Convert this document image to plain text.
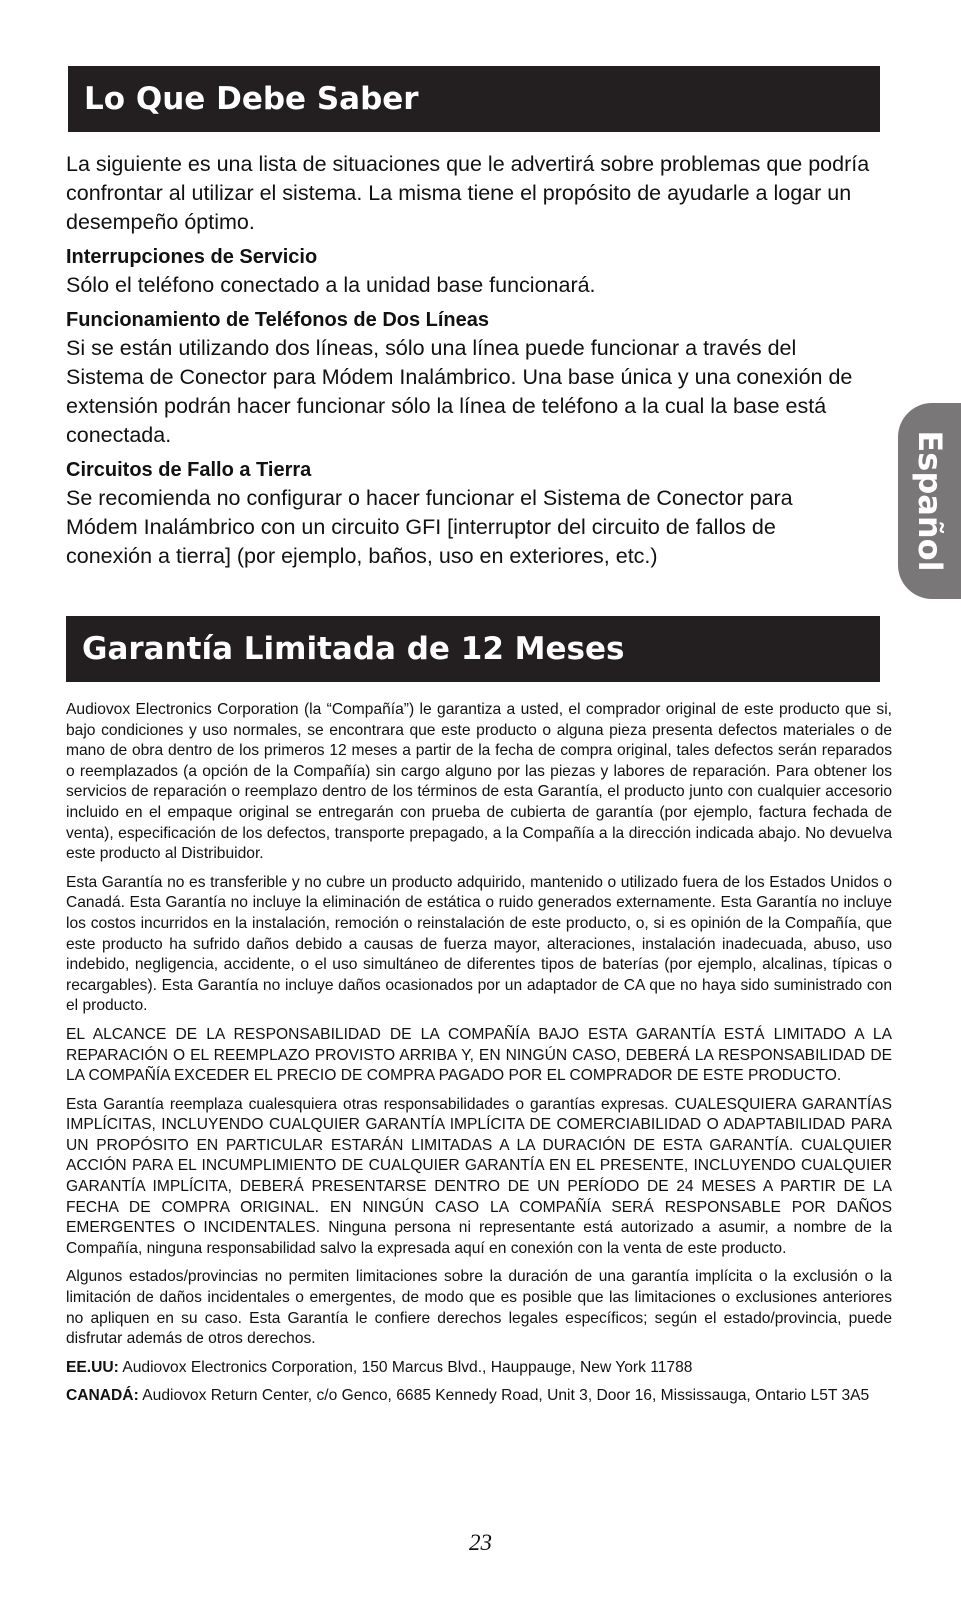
Lo Que Debe Saber

La siguiente es una lista de situaciones que le advertirá sobre problemas que podría confrontar al utilizar el sistema. La misma tiene el propósito de ayudarle a logar un desempeño óptimo.

Interrupciones de Servicio

Sólo el teléfono conectado a la unidad base funcionará.

Funcionamiento de Teléfonos de Dos Líneas

Si se están utilizando dos líneas, sólo una línea puede funcionar a través del Sistema de Conector para Módem Inalámbrico. Una base única y una conexión de extensión podrán hacer funcionar sólo la línea de teléfono a la cual la base está conectada.

Circuitos de Fallo a Tierra

Se recomienda no configurar o hacer funcionar el Sistema de Conector para Módem Inalámbrico con un circuito GFI [interruptor del circuito de fallos de conexión a tierra] (por ejemplo, baños, uso en exteriores, etc.)	Español
Garantía Limitada de 12 Meses

Audiovox Electronics Corporation (la “Compañía”) le garantiza a usted, el comprador original de este producto que si, bajo condiciones y uso normales, se encontrara que este producto o alguna pieza presenta defectos materiales o de mano de obra dentro de los primeros 12 meses a partir de la fecha de compra original, tales defectos serán reparados o reemplazados (a opción de la Compañía) sin cargo alguno por las piezas y labores de reparación. Para obtener los servicios de reparación o reemplazo dentro de los términos de esta Garantía, el producto junto con cualquier accesorio incluido en el empaque original se entregarán con prueba de cubierta de garantía (por ejemplo, factura fechada de venta), especificación de los defectos, transporte prepagado, a la Compañía a la dirección indicada abajo. No devuelva este producto al Distribuidor.

Esta Garantía no es transferible y no cubre un producto adquirido, mantenido o utilizado fuera de los Estados Unidos o Canadá. Esta Garantía no incluye la eliminación de estática o ruido generados externamente. Esta Garantía no incluye los costos incurridos en la instalación, remoción o reinstalación de este producto, o, si es opinión de la Compañía, que este producto ha sufrido daños debido a causas de fuerza mayor, alteraciones, instalación inadecuada, abuso, uso indebido, negligencia, accidente, o el uso simultáneo de diferentes tipos de baterías (por ejemplo, alcalinas, típicas o recargables). Esta Garantía no incluye daños ocasionados por un adaptador de CA que no haya sido suministrado con el producto.

EL ALCANCE DE LA RESPONSABILIDAD DE LA COMPAÑÍA BAJO ESTA GARANTÍA ESTÁ LIMITADO A LA REPARACIÓN O EL REEMPLAZO PROVISTO ARRIBA Y, EN NINGÚN CASO, DEBERÁ LA RESPONSABILIDAD DE LA COMPAÑÍA EXCEDER EL PRECIO DE COMPRA PAGADO POR EL COMPRADOR DE ESTE PRODUCTO.

Esta Garantía reemplaza cualesquiera otras responsabilidades o garantías expresas. CUALESQUIERA GARANTÍAS IMPLÍCITAS, INCLUYENDO CUALQUIER GARANTÍA IMPLÍCITA DE COMERCIABILIDAD O ADAPTABILIDAD PARA UN PROPÓSITO EN PARTICULAR ESTARÁN LIMITADAS A LA DURACIÓN DE ESTA GARANTÍA. CUALQUIER ACCIÓN PARA EL INCUMPLIMIENTO DE CUALQUIER GARANTÍA EN EL PRESENTE, INCLUYENDO CUALQUIER GARANTÍA IMPLÍCITA, DEBERÁ PRESENTARSE DENTRO DE UN PERÍODO DE 24 MESES A PARTIR DE LA FECHA DE COMPRA ORIGINAL. EN NINGÚN CASO LA COMPAÑÍA SERÁ RESPONSABLE POR DAÑOS EMERGENTES O INCIDENTALES. Ninguna persona ni representante está autorizado a asumir, a nombre de la Compañía, ninguna responsabilidad salvo la expresada aquí en conexión con la venta de este producto.

Algunos estados/provincias no permiten limitaciones sobre la duración de una garantía implícita o la exclusión o la limitación de daños incidentales o emergentes, de modo que es posible que las limitaciones o exclusiones anteriores no apliquen en su caso. Esta Garantía le confiere derechos legales específicos; según el estado/provincia, puede disfrutar además de otros derechos.

EE.UU: Audiovox Electronics Corporation, 150 Marcus Blvd., Hauppauge, New York 11788

CANADÁ: Audiovox Return Center, c/o Genco, 6685 Kennedy Road, Unit 3, Door 16, Mississauga, Ontario L5T 3A5

23
